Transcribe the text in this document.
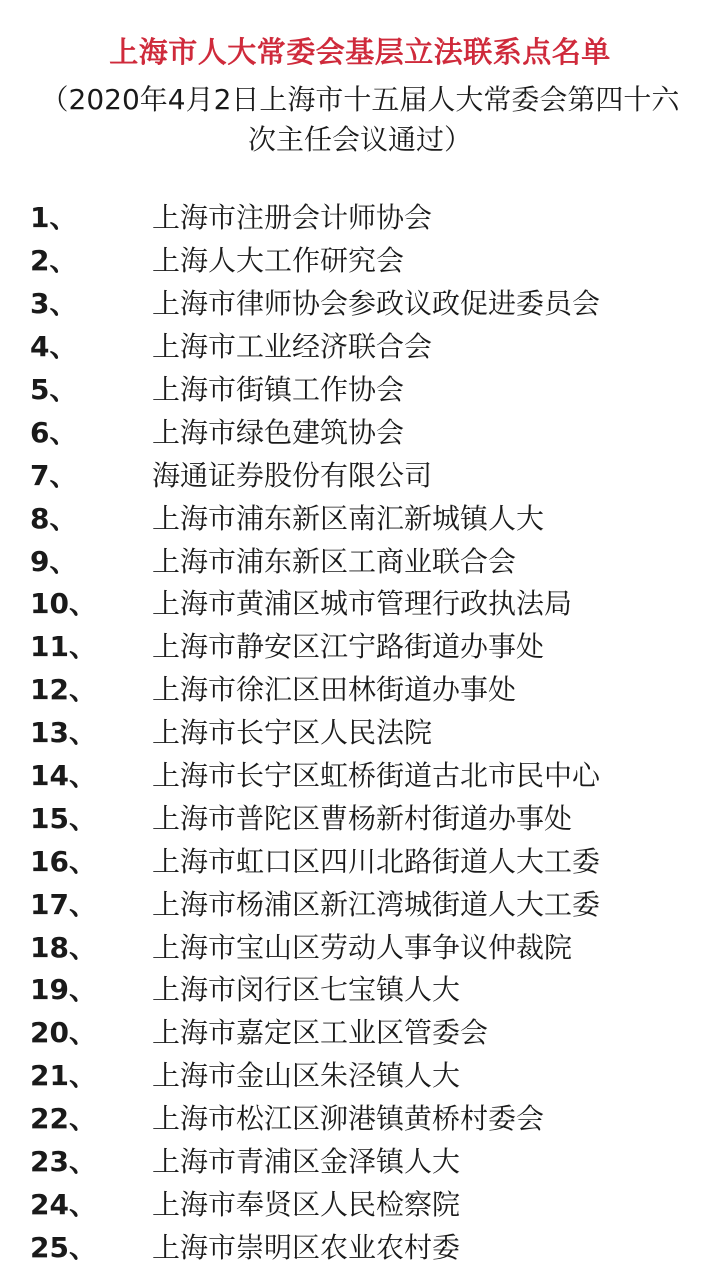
上海市人大常委会基层立法联系点名单
（2020年4月2日上海市十五届人大常委会第四十六次主任会议通过）
1、	上海市注册会计师协会
2、	上海人大工作研究会
3、	上海市律师协会参政议政促进委员会
4、	上海市工业经济联合会
5、	上海市街镇工作协会
6、	上海市绿色建筑协会
7、	海通证券股份有限公司
8、	上海市浦东新区南汇新城镇人大
9、	上海市浦东新区工商业联合会
10、	上海市黄浦区城市管理行政执法局
11、	上海市静安区江宁路街道办事处
12、	上海市徐汇区田林街道办事处
13、	上海市长宁区人民法院
14、	上海市长宁区虹桥街道古北市民中心
15、	上海市普陀区曹杨新村街道办事处
16、	上海市虹口区四川北路街道人大工委
17、	上海市杨浦区新江湾城街道人大工委
18、	上海市宝山区劳动人事争议仲裁院
19、	上海市闵行区七宝镇人大
20、	上海市嘉定区工业区管委会
21、	上海市金山区朱泾镇人大
22、	上海市松江区泖港镇黄桥村委会
23、	上海市青浦区金泽镇人大
24、	上海市奉贤区人民检察院
25、	上海市崇明区农业农村委
